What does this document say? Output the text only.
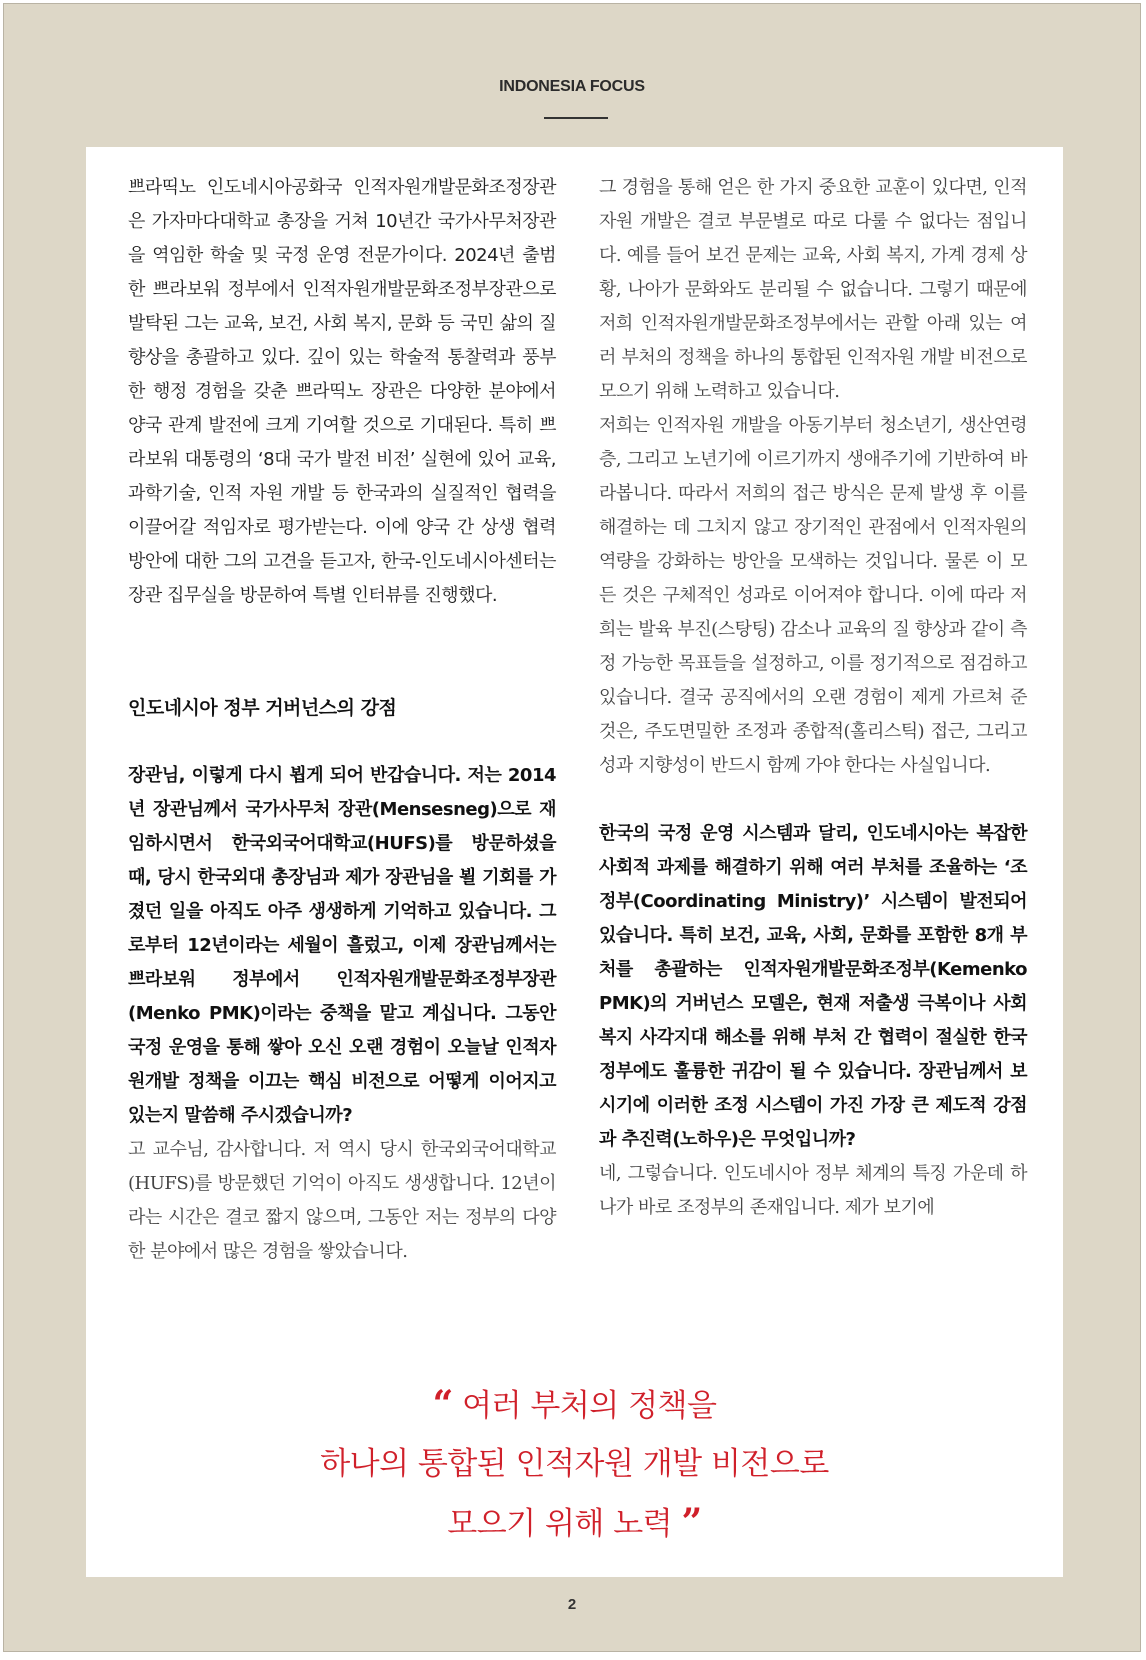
INDONESIA FOCUS

쁘라띡노 인도네시아공화국 인적자원개발문화조정장관은 가자마다대학교 총장을 거쳐 10년간 국가사무처장관을 역임한 학술 및 국정 운영 전문가이다. 2024년 출범한 쁘라보워 정부에서 인적자원개발문화조정부장관으로 발탁된 그는 교육, 보건, 사회 복지, 문화 등 국민 삶의 질 향상을 총괄하고 있다. 깊이 있는 학술적 통찰력과 풍부한 행정 경험을 갖춘 쁘라띡노 장관은 다양한 분야에서 양국 관계 발전에 크게 기여할 것으로 기대된다. 특히 쁘라보워 대통령의 ‘8대 국가 발전 비전’ 실현에 있어 교육, 과학기술, 인적 자원 개발 등 한국과의 실질적인 협력을 이끌어갈 적임자로 평가받는다. 이에 양국 간 상생 협력 방안에 대한 그의 고견을 듣고자, 한국-인도네시아센터는 장관 집무실을 방문하여 특별 인터뷰를 진행했다.

인도네시아 정부 거버넌스의 강점

장관님, 이렇게 다시 뵙게 되어 반갑습니다. 저는 2014년 장관님께서 국가사무처 장관(Mensesneg)으로 재임하시면서 한국외국어대학교(HUFS)를 방문하셨을 때, 당시 한국외대 총장님과 제가 장관님을 뵐 기회를 가졌던 일을 아직도 아주 생생하게 기억하고 있습니다. 그로부터 12년이라는 세월이 흘렀고, 이제 장관님께서는 쁘라보워 정부에서 인적자원개발문화조정부장관(Menko PMK)이라는 중책을 맡고 계십니다. 그동안 국정 운영을 통해 쌓아 오신 오랜 경험이 오늘날 인적자원개발 정책을 이끄는 핵심 비전으로 어떻게 이어지고 있는지 말씀해 주시겠습니까?

고 교수님, 감사합니다. 저 역시 당시 한국외국어대학교(HUFS)를 방문했던 기억이 아직도 생생합니다. 12년이라는 시간은 결코 짧지 않으며, 그동안 저는 정부의 다양한 분야에서 많은 경험을 쌓았습니다.

그 경험을 통해 얻은 한 가지 중요한 교훈이 있다면, 인적 자원 개발은 결코 부문별로 따로 다룰 수 없다는 점입니다. 예를 들어 보건 문제는 교육, 사회 복지, 가계 경제 상황, 나아가 문화와도 분리될 수 없습니다. 그렇기 때문에 저희 인적자원개발문화조정부에서는 관할 아래 있는 여러 부처의 정책을 하나의 통합된 인적자원 개발 비전으로 모으기 위해 노력하고 있습니다.

저희는 인적자원 개발을 아동기부터 청소년기, 생산연령층, 그리고 노년기에 이르기까지 생애주기에 기반하여 바라봅니다. 따라서 저희의 접근 방식은 문제 발생 후 이를 해결하는 데 그치지 않고 장기적인 관점에서 인적자원의 역량을 강화하는 방안을 모색하는 것입니다. 물론 이 모든 것은 구체적인 성과로 이어져야 합니다. 이에 따라 저희는 발육 부진(스탕팅) 감소나 교육의 질 향상과 같이 측정 가능한 목표들을 설정하고, 이를 정기적으로 점검하고 있습니다. 결국 공직에서의 오랜 경험이 제게 가르쳐 준 것은, 주도면밀한 조정과 종합적(홀리스틱) 접근, 그리고 성과 지향성이 반드시 함께 가야 한다는 사실입니다.

한국의 국정 운영 시스템과 달리, 인도네시아는 복잡한 사회적 과제를 해결하기 위해 여러 부처를 조율하는 ‘조정부(Coordinating Ministry)’ 시스템이 발전되어 있습니다. 특히 보건, 교육, 사회, 문화를 포함한 8개 부처를 총괄하는 인적자원개발문화조정부(Kemenko PMK)의 거버넌스 모델은, 현재 저출생 극복이나 사회복지 사각지대 해소를 위해 부처 간 협력이 절실한 한국 정부에도 훌륭한 귀감이 될 수 있습니다. 장관님께서 보시기에 이러한 조정 시스템이 가진 가장 큰 제도적 강점과 추진력(노하우)은 무엇입니까?

네, 그렇습니다. 인도네시아 정부 체계의 특징 가운데 하나가 바로 조정부의 존재입니다. 제가 보기에

“ 여러 부처의 정책을
하나의 통합된 인적자원 개발 비전으로
모으기 위해 노력 ”
2
